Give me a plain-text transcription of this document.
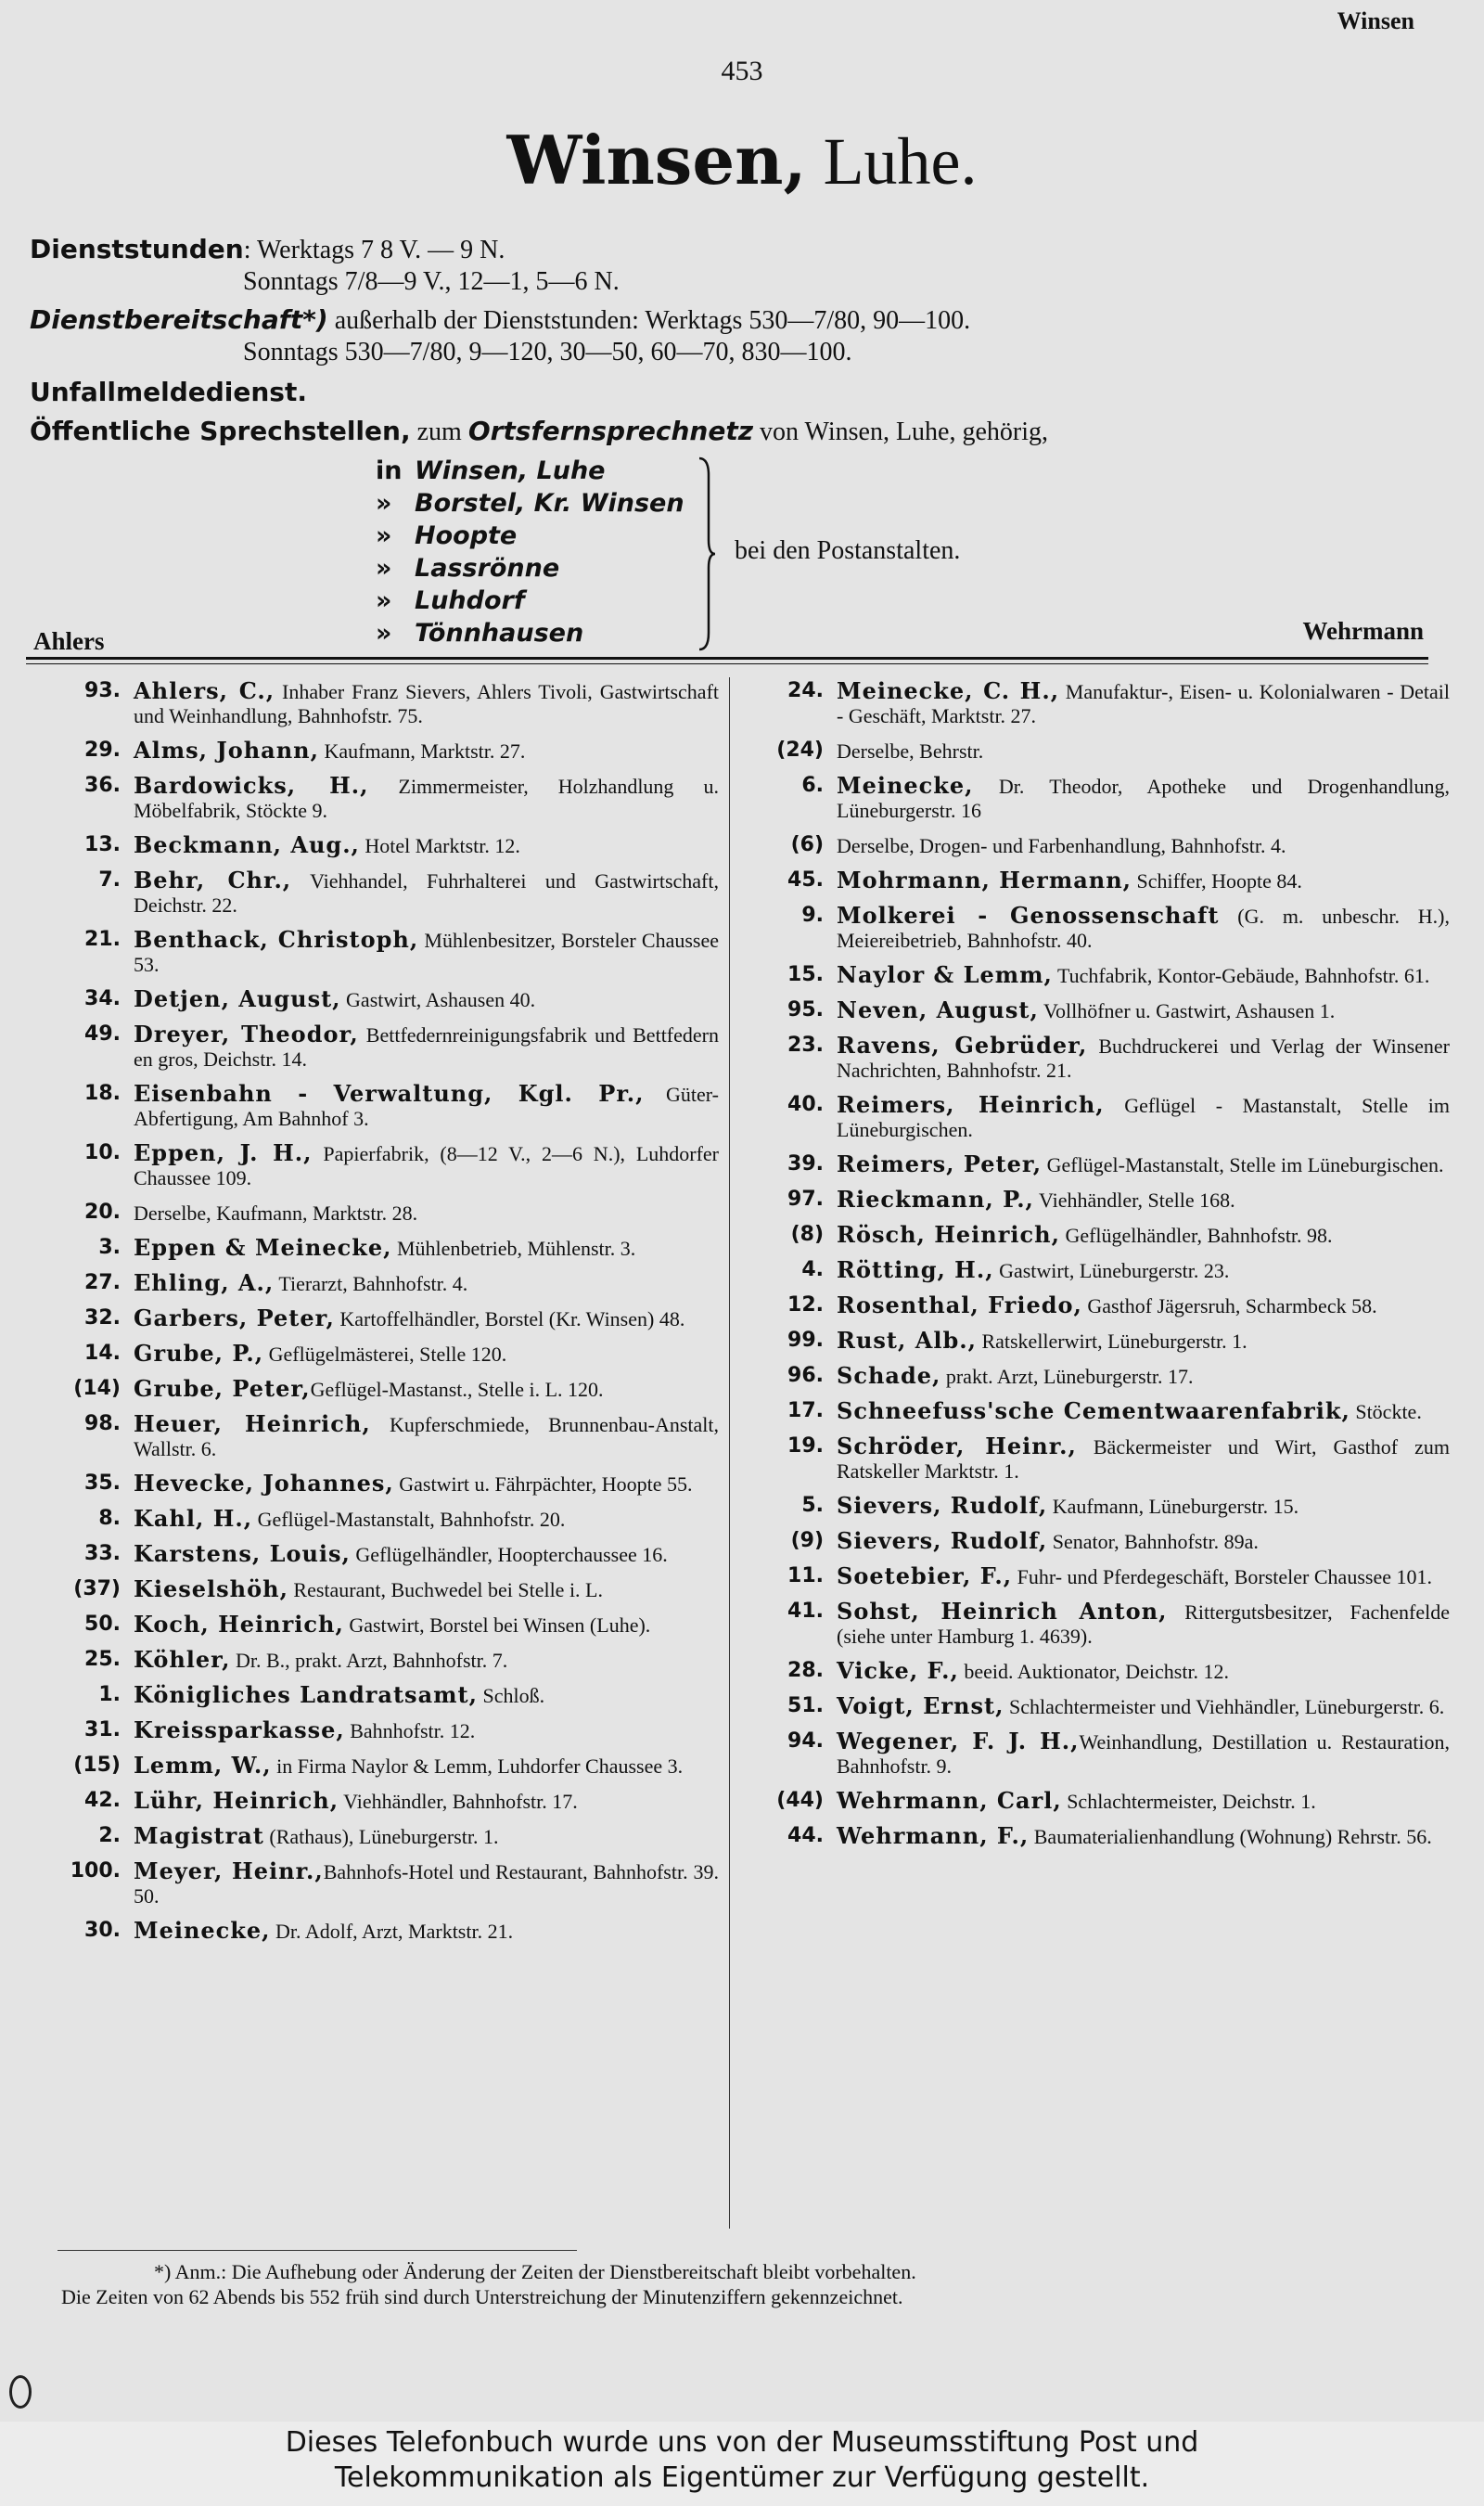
Winsen
453
Winsen, Luhe.
Dienststunden: Werktags 7 8 V. — 9 N.
Sonntags 7/8—9 V., 12—1, 5—6 N.
Dienstbereitschaft*) außerhalb der Dienststunden: Werktags 530—7/80, 90—100.
Sonntags 530—7/80, 9—120, 30—50, 60—70, 830—100.
Unfallmeldedienst.
Öffentliche Sprechstellen, zum Ortsfernsprechnetz von Winsen, Luhe, gehörig,
in Winsen, Luhe
» Borstel, Kr. Winsen
» Hoopte
» Lassrönne
» Luhdorf
» Tönnhausen
bei den Postanstalten.
Ahlers	Wehrmann
93. Ahlers, C., Inhaber Franz Sievers, Ahlers Tivoli, Gastwirtschaft und Weinhandlung, Bahnhofstr. 75.
29. Alms, Johann, Kaufmann, Marktstr. 27.
36. Bardowicks, H., Zimmermeister, Holzhandlung u. Möbelfabrik, Stöckte 9.
13. Beckmann, Aug., Hotel Marktstr. 12.
7. Behr, Chr., Viehhandel, Fuhrhalterei und Gastwirtschaft, Deichstr. 22.
21. Benthack, Christoph, Mühlenbesitzer, Borsteler Chaussee 53.
34. Detjen, August, Gastwirt, Ashausen 40.
49. Dreyer, Theodor, Bettfedernreinigungsfabrik und Bettfedern en gros, Deichstr. 14.
18. Eisenbahn - Verwaltung, Kgl. Pr., Güter-Abfertigung, Am Bahnhof 3.
10. Eppen, J. H., Papierfabrik, (8—12 V., 2—6 N.), Luhdorfer Chaussee 109.
20. Derselbe, Kaufmann, Marktstr. 28.
3. Eppen & Meinecke, Mühlenbetrieb, Mühlenstr. 3.
27. Ehling, A., Tierarzt, Bahnhofstr. 4.
32. Garbers, Peter, Kartoffelhändler, Borstel (Kr. Winsen) 48.
14. Grube, P., Geflügelmästerei, Stelle 120.
(14) Grube, Peter,Geflügel-Mastanst., Stelle i. L. 120.
98. Heuer, Heinrich, Kupferschmiede, Brunnenbau-Anstalt, Wallstr. 6.
35. Hevecke, Johannes, Gastwirt u. Fährpächter, Hoopte 55.
8. Kahl, H., Geflügel-Mastanstalt, Bahnhofstr. 20.
33. Karstens, Louis, Geflügelhändler, Hoopterchaussee 16.
(37) Kieselshöh, Restaurant, Buchwedel bei Stelle i. L.
50. Koch, Heinrich, Gastwirt, Borstel bei Winsen (Luhe).
25. Köhler, Dr. B., prakt. Arzt, Bahnhofstr. 7.
1. Königliches Landratsamt, Schloß.
31. Kreissparkasse, Bahnhofstr. 12.
(15) Lemm, W., in Firma Naylor & Lemm, Luhdorfer Chaussee 3.
42. Lühr, Heinrich, Viehhändler, Bahnhofstr. 17.
2. Magistrat (Rathaus), Lüneburgerstr. 1.
100. Meyer, Heinr.,Bahnhofs-Hotel und Restaurant, Bahnhofstr. 39. 50.
30. Meinecke, Dr. Adolf, Arzt, Marktstr. 21.
24. Meinecke, C. H., Manufaktur-, Eisen- u. Kolonialwaren - Detail - Geschäft, Marktstr. 27.
(24) Derselbe, Behrstr.
6. Meinecke, Dr. Theodor, Apotheke und Drogenhandlung, Lüneburgerstr. 16
(6) Derselbe, Drogen- und Farbenhandlung, Bahnhofstr. 4.
45. Mohrmann, Hermann, Schiffer, Hoopte 84.
9. Molkerei - Genossenschaft (G. m. unbeschr. H.), Meiereibetrieb, Bahnhofstr. 40.
15. Naylor & Lemm, Tuchfabrik, Kontor-Gebäude, Bahnhofstr. 61.
95. Neven, August, Vollhöfner u. Gastwirt, Ashausen 1.
23. Ravens, Gebrüder, Buchdruckerei und Verlag der Winsener Nachrichten, Bahnhofstr. 21.
40. Reimers, Heinrich, Geflügel - Mastanstalt, Stelle im Lüneburgischen.
39. Reimers, Peter, Geflügel-Mastanstalt, Stelle im Lüneburgischen.
97. Rieckmann, P., Viehhändler, Stelle 168.
(8) Rösch, Heinrich, Geflügelhändler, Bahnhofstr. 98.
4. Rötting, H., Gastwirt, Lüneburgerstr. 23.
12. Rosenthal, Friedo, Gasthof Jägersruh, Scharmbeck 58.
99. Rust, Alb., Ratskellerwirt, Lüneburgerstr. 1.
96. Schade, prakt. Arzt, Lüneburgerstr. 17.
17. Schneefuss'sche Cementwaarenfabrik, Stöckte.
19. Schröder, Heinr., Bäckermeister und Wirt, Gasthof zum Ratskeller Marktstr. 1.
5. Sievers, Rudolf, Kaufmann, Lüneburgerstr. 15.
(9) Sievers, Rudolf, Senator, Bahnhofstr. 89a.
11. Soetebier, F., Fuhr- und Pferdegeschäft, Borsteler Chaussee 101.
41. Sohst, Heinrich Anton, Rittergutsbesitzer, Fachenfelde (siehe unter Hamburg 1. 4639).
28. Vicke, F., beeid. Auktionator, Deichstr. 12.
51. Voigt, Ernst, Schlachtermeister und Viehhändler, Lüneburgerstr. 6.
94. Wegener, F. J. H.,Weinhandlung, Destillation u. Restauration, Bahnhofstr. 9.
(44) Wehrmann, Carl, Schlachtermeister, Deichstr. 1.
44. Wehrmann, F., Baumaterialienhandlung (Wohnung) Rehrstr. 56.
*) Anm.: Die Aufhebung oder Änderung der Zeiten der Dienstbereitschaft bleibt vorbehalten.
Die Zeiten von 62 Abends bis 552 früh sind durch Unterstreichung der Minutenziffern gekennzeichnet.
Dieses Telefonbuch wurde uns von der Museumsstiftung Post und
Telekommunikation als Eigentümer zur Verfügung gestellt.
